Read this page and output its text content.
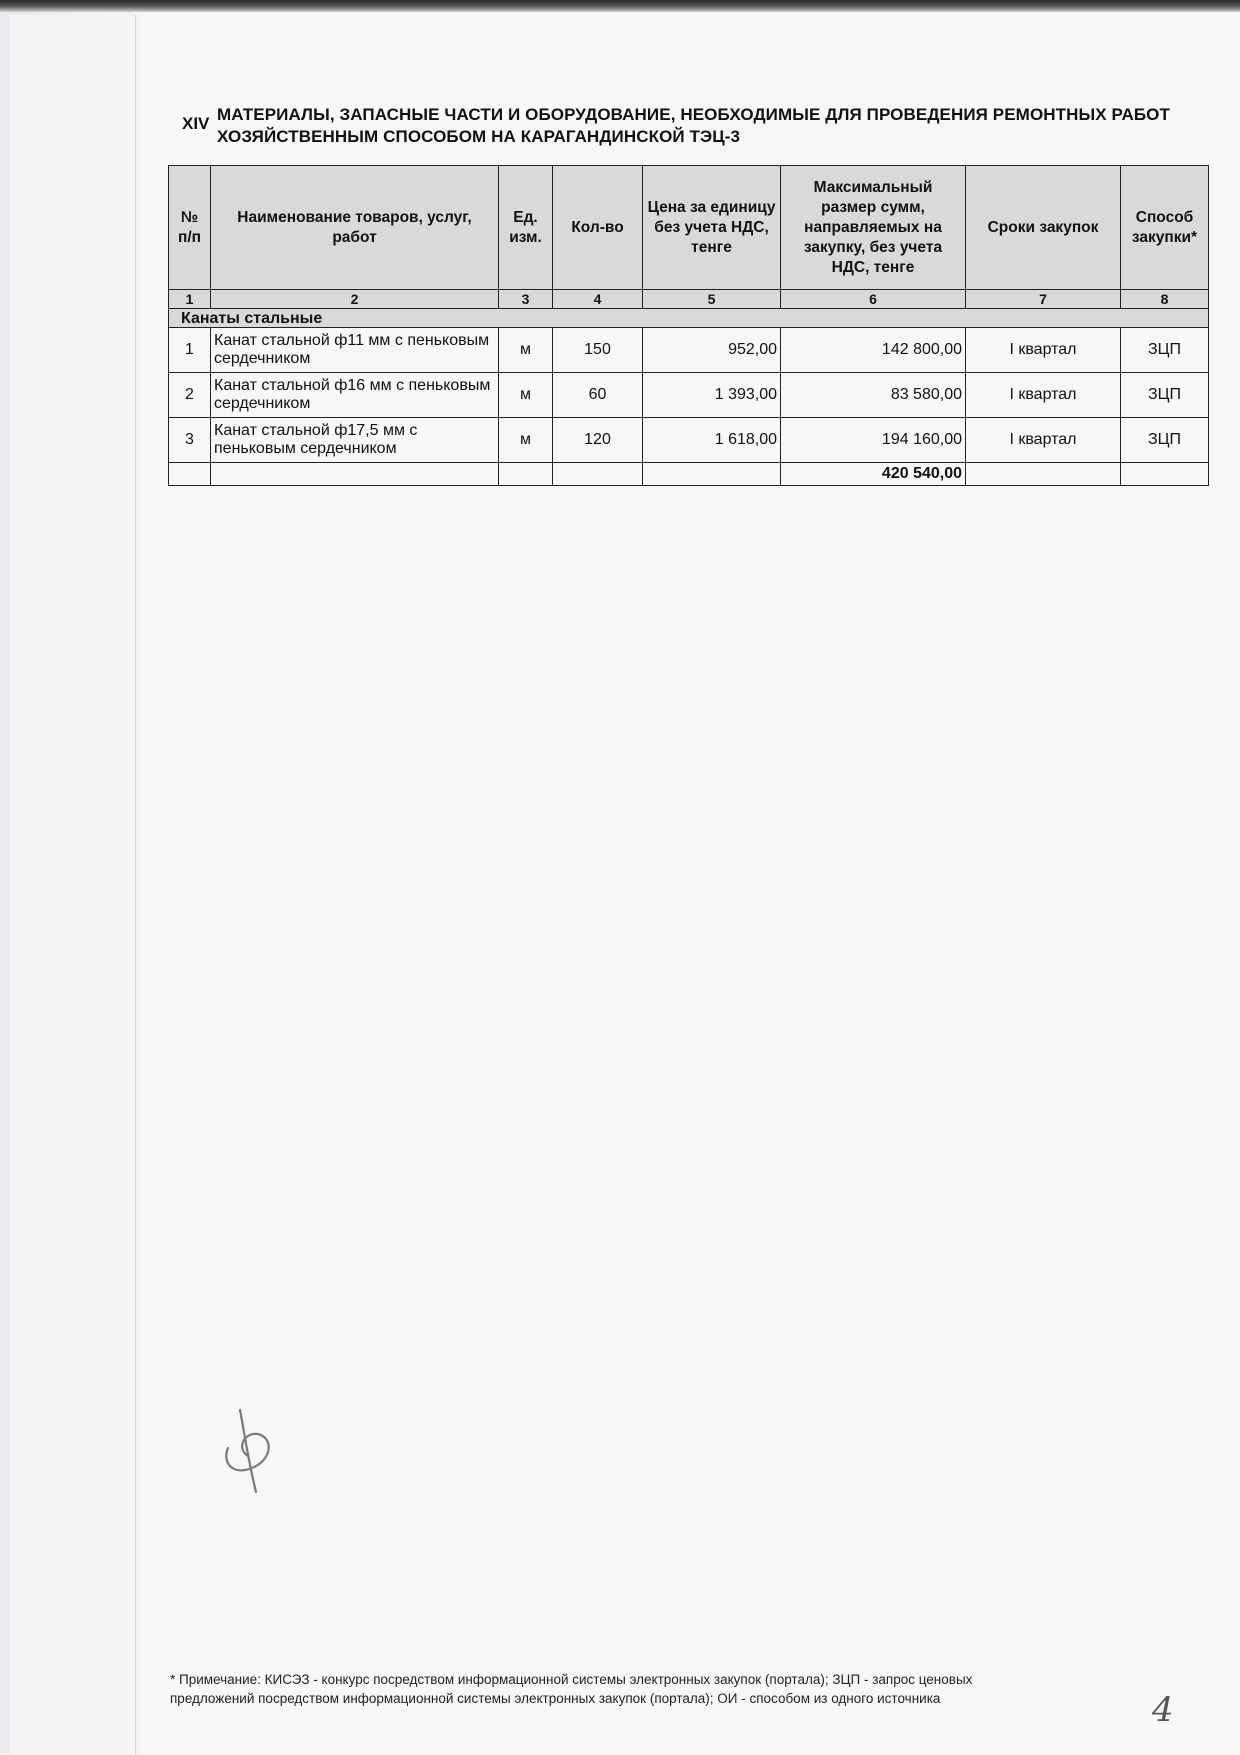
XIV МАТЕРИАЛЫ, ЗАПАСНЫЕ ЧАСТИ И ОБОРУДОВАНИЕ, НЕОБХОДИМЫЕ ДЛЯ ПРОВЕДЕНИЯ РЕМОНТНЫХ РАБОТ ХОЗЯЙСТВЕННЫМ СПОСОБОМ НА КАРАГАНДИНСКОЙ ТЭЦ-3
№ п/п	Наименование товаров, услуг, работ	Ед. изм.	Кол-во	Цена за единицу без учета НДС, тенге	Максимальный размер сумм, направляемых на закупку, без учета НДС, тенге	Сроки закупок	Способ закупки*
1	2	3	4	5	6	7	8
Канаты стальные							
1	Канат стальной ф11 мм с пеньковым сердечником	м	150	952,00	142 800,00	I квартал	ЗЦП
2	Канат стальной ф16 мм с пеньковым сердечником	м	60	1 393,00	83 580,00	I квартал	ЗЦП
3	Канат стальной ф17,5 мм с пеньковым сердечником	м	120	1 618,00	194 160,00	I квартал	ЗЦП
					420 540,00		
* Примечание: КИСЭЗ - конкурс посредством информационной системы электронных закупок (портала); ЗЦП - запрос ценовых
предложений посредством информационной системы электронных закупок (портала); ОИ - способом из одного источника	4
